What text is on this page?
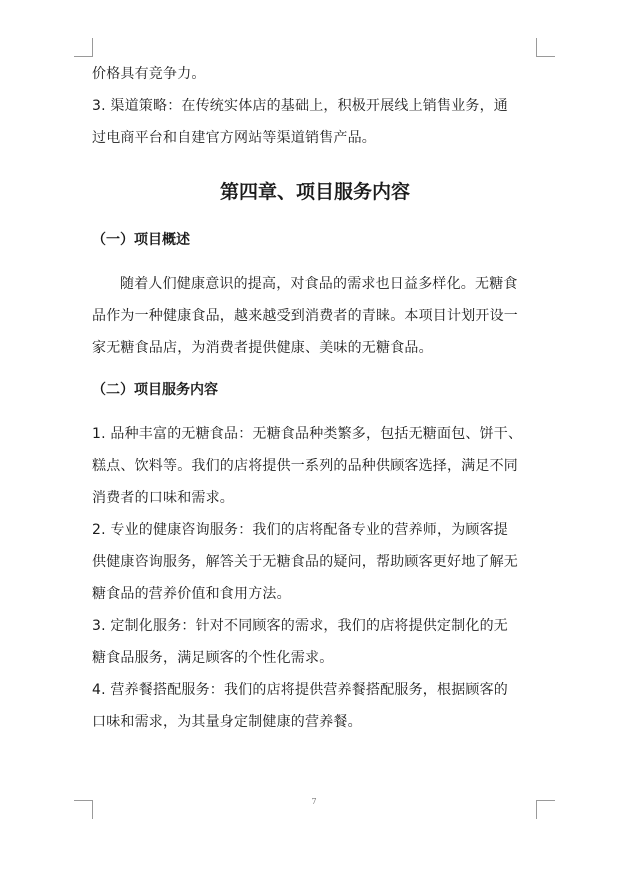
价格具有竞争力。

3. 渠道策略：在传统实体店的基础上，积极开展线上销售业务，通

过电商平台和自建官方网站等渠道销售产品。

第四章、项目服务内容
（一）项目概述

随着人们健康意识的提高，对食品的需求也日益多样化。无糖食

品作为一种健康食品，越来越受到消费者的青睐。本项目计划开设一

家无糖食品店，为消费者提供健康、美味的无糖食品。

（二）项目服务内容

1. 品种丰富的无糖食品：无糖食品种类繁多，包括无糖面包、饼干、

糕点、饮料等。我们的店将提供一系列的品种供顾客选择，满足不同

消费者的口味和需求。

2. 专业的健康咨询服务：我们的店将配备专业的营养师，为顾客提

供健康咨询服务，解答关于无糖食品的疑问，帮助顾客更好地了解无

糖食品的营养价值和食用方法。

3. 定制化服务：针对不同顾客的需求，我们的店将提供定制化的无

糖食品服务，满足顾客的个性化需求。

4. 营养餐搭配服务：我们的店将提供营养餐搭配服务，根据顾客的

口味和需求，为其量身定制健康的营养餐。

7
